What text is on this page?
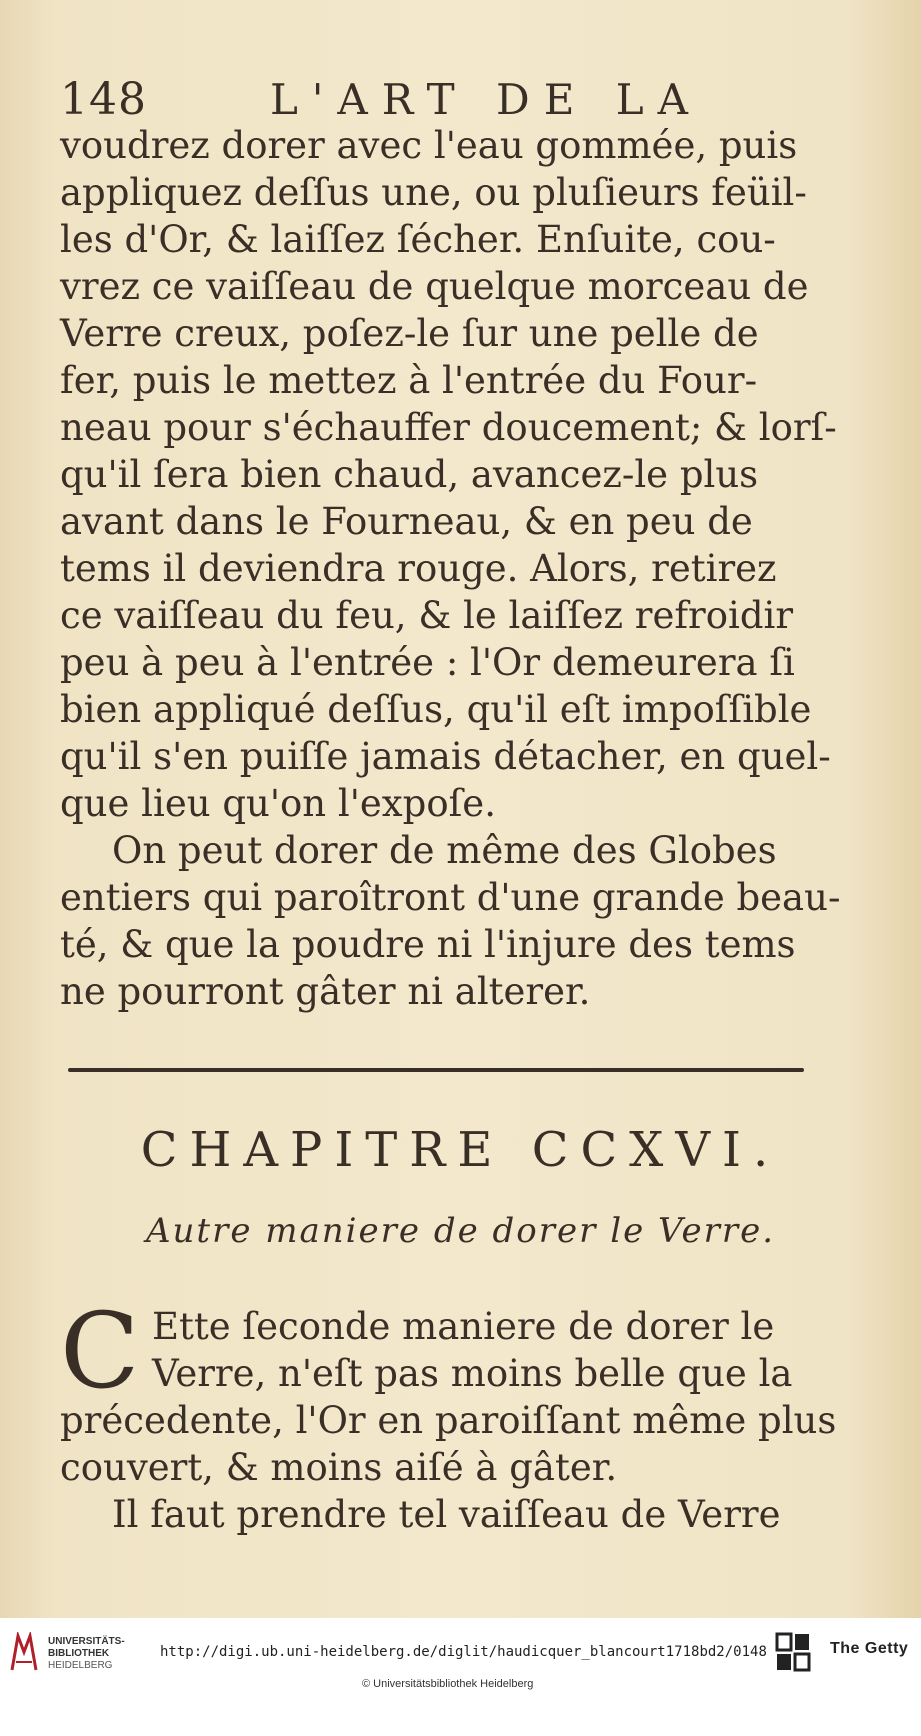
148	L'ART DE LA
voudrez dorer avec l'eau gommée, puis
appliquez deſſus une, ou pluſieurs feüil-
les d'Or, & laiſſez ſécher. Enſuite, cou-
vrez ce vaiſſeau de quelque morceau de
Verre creux, poſez-le ſur une pelle de
fer, puis le mettez à l'entrée du Four-
neau pour s'échauffer doucement; & lorſ-
qu'il ſera bien chaud, avancez-le plus
avant dans le Fourneau, & en peu de
tems il deviendra rouge. Alors, retirez
ce vaiſſeau du feu, & le laiſſez refroidir
peu à peu à l'entrée : l'Or demeurera ſi
bien appliqué deſſus, qu'il eſt impoſſible
qu'il s'en puiſſe jamais détacher, en quel-
que lieu qu'on l'expoſe.
On peut dorer de même des Globes
entiers qui paroîtront d'une grande beau-
té, & que la poudre ni l'injure des tems
ne pourront gâter ni alterer.
CHAPITRE CCXVI.
Autre maniere de dorer le Verre.
C Ette ſeconde maniere de dorer le
Verre, n'eſt pas moins belle que la
précedente, l'Or en paroiſſant même plus
couvert, & moins aiſé à gâter.
Il faut prendre tel vaiſſeau de Verre
UNIVERSITÄTS-
BIBLIOTHEK
HEIDELBERG
http://digi.ub.uni-heidelberg.de/diglit/haudicquer_blancourt1718bd2/0148
© Universitätsbibliothek Heidelberg
The Getty
